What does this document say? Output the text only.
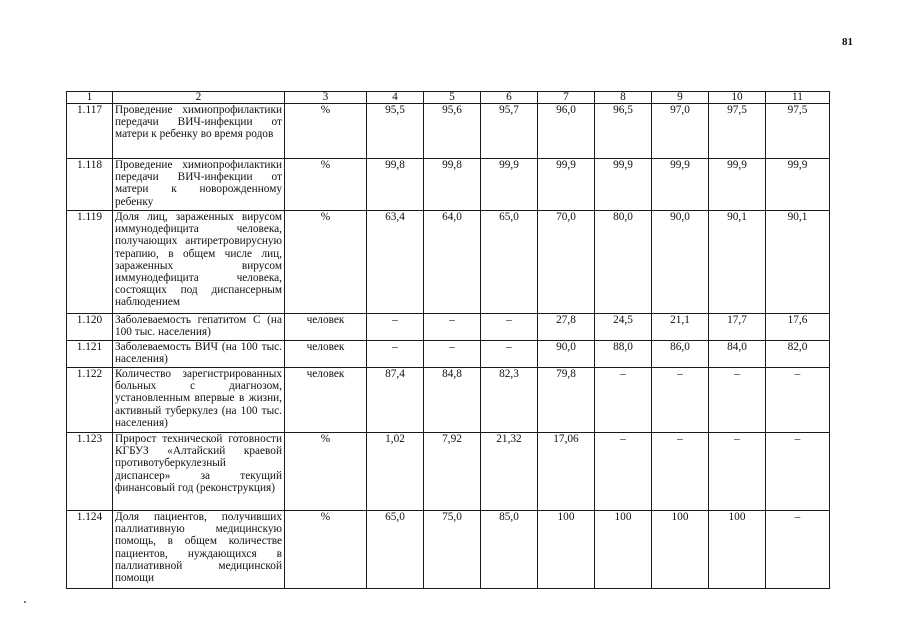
81
1	2	3	4	5	6	7	8	9	10	11
1.117	Проведение химиопрофилактики передачи ВИЧ-инфекции от матери к ребенку во время родов	%	95,5	95,6	95,7	96,0	96,5	97,0	97,5	97,5
1.118	Проведение химиопрофилактики передачи ВИЧ-инфекции от матери к новорожденному ребенку	%	99,8	99,8	99,9	99,9	99,9	99,9	99,9	99,9
1.119	Доля лиц, зараженных вирусом иммунодефицита человека, получающих антиретровирусную терапию, в общем числе лиц, зараженных вирусом иммунодефицита человека, состоящих под диспансерным наблюдением	%	63,4	64,0	65,0	70,0	80,0	90,0	90,1	90,1
1.120	Заболеваемость гепатитом С (на 100 тыс. населения)	человек	–	–	–	27,8	24,5	21,1	17,7	17,6
1.121	Заболеваемость ВИЧ (на 100 тыс. населения)	человек	–	–	–	90,0	88,0	86,0	84,0	82,0
1.122	Количество зарегистрированных больных с диагнозом, установленным впервые в жизни, активный туберкулез (на 100 тыс. населения)	человек	87,4	84,8	82,3	79,8	–	–	–	–
1.123	Прирост технической готовности КГБУЗ «Алтайский краевой противотуберкулезный диспансер» за текущий финансовый год (реконструкция)	%	1,02	7,92	21,32	17,06	–	–	–	–
1.124	Доля пациентов, получивших паллиативную медицинскую помощь, в общем количестве пациентов, нуждающихся в паллиативной медицинской помощи	%	65,0	75,0	85,0	100	100	100	100	–
